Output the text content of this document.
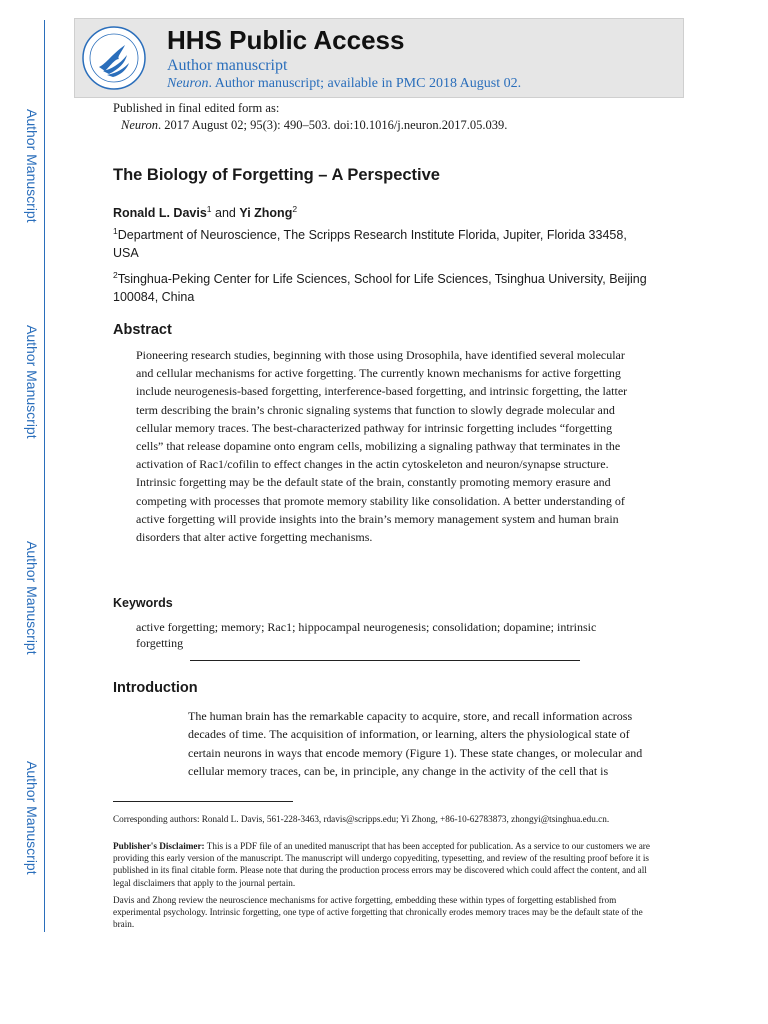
Author Manuscript
Author Manuscript
Author Manuscript
Author Manuscript
HHS Public Access
Author manuscript
Neuron. Author manuscript; available in PMC 2018 August 02.
Published in final edited form as:
Neuron. 2017 August 02; 95(3): 490–503. doi:10.1016/j.neuron.2017.05.039.
The Biology of Forgetting – A Perspective
Ronald L. Davis$^1$ and Yi Zhong$^2$
$^1$Department of Neuroscience, The Scripps Research Institute Florida, Jupiter, Florida 33458, USA
$^2$Tsinghua-Peking Center for Life Sciences, School for Life Sciences, Tsinghua University, Beijing 100084, China
Abstract
Pioneering research studies, beginning with those using Drosophila, have identified several molecular and cellular mechanisms for active forgetting. The currently known mechanisms for active forgetting include neurogenesis-based forgetting, interference-based forgetting, and intrinsic forgetting, the latter term describing the brain’s chronic signaling systems that function to slowly degrade molecular and cellular memory traces. The best-characterized pathway for intrinsic forgetting includes “forgetting cells” that release dopamine onto engram cells, mobilizing a signaling pathway that terminates in the activation of Rac1/cofilin to effect changes in the actin cytoskeleton and neuron/synapse structure. Intrinsic forgetting may be the default state of the brain, constantly promoting memory erasure and competing with processes that promote memory stability like consolidation. A better understanding of active forgetting will provide insights into the brain’s memory management system and human brain disorders that alter active forgetting mechanisms.
Keywords
active forgetting; memory; Rac1; hippocampal neurogenesis; consolidation; dopamine; intrinsic forgetting
Introduction
The human brain has the remarkable capacity to acquire, store, and recall information across decades of time. The acquisition of information, or learning, alters the physiological state of certain neurons in ways that encode memory (Figure 1). These state changes, or molecular and cellular memory traces, can be, in principle, any change in the activity of the cell that is
Corresponding authors: Ronald L. Davis, 561-228-3463, rdavis@scripps.edu; Yi Zhong, +86-10-62783873, zhongyi@tsinghua.edu.cn.
Publisher's Disclaimer: This is a PDF file of an unedited manuscript that has been accepted for publication. As a service to our customers we are providing this early version of the manuscript. The manuscript will undergo copyediting, typesetting, and review of the resulting proof before it is published in its final citable form. Please note that during the production process errors may be discovered which could affect the content, and all legal disclaimers that apply to the journal pertain.
Davis and Zhong review the neuroscience mechanisms for active forgetting, embedding these within types of forgetting established from experimental psychology. Intrinsic forgetting, one type of active forgetting that chronically erodes memory traces may be the default state of the brain.
